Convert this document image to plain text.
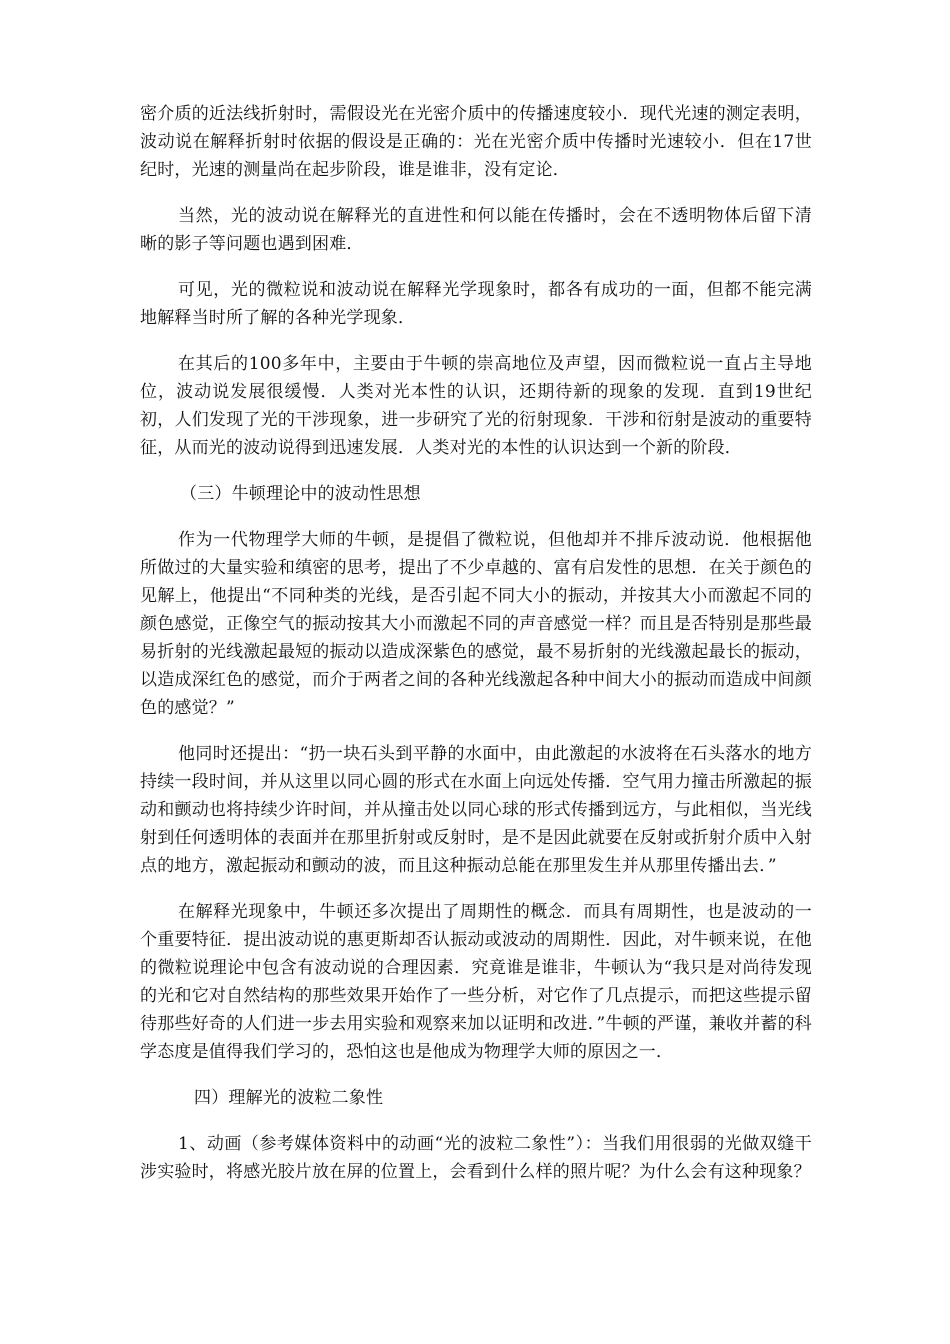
密介质的近法线折射时，需假设光在光密介质中的传播速度较小．现代光速的测定表明，波动说在解释折射时依据的假设是正确的：光在光密介质中传播时光速较小．但在17世纪时，光速的测量尚在起步阶段，谁是谁非，没有定论．

当然，光的波动说在解释光的直进性和何以能在传播时，会在不透明物体后留下清晰的影子等问题也遇到困难．

可见，光的微粒说和波动说在解释光学现象时，都各有成功的一面，但都不能完满地解释当时所了解的各种光学现象．

在其后的100多年中，主要由于牛顿的崇高地位及声望，因而微粒说一直占主导地位，波动说发展很缓慢．人类对光本性的认识，还期待新的现象的发现．直到19世纪初，人们发现了光的干涉现象，进一步研究了光的衍射现象．干涉和衍射是波动的重要特征，从而光的波动说得到迅速发展．人类对光的本性的认识达到一个新的阶段．

（三）牛顿理论中的波动性思想

作为一代物理学大师的牛顿，是提倡了微粒说，但他却并不排斥波动说．他根据他所做过的大量实验和缜密的思考，提出了不少卓越的、富有启发性的思想．在关于颜色的见解上，他提出“不同种类的光线，是否引起不同大小的振动，并按其大小而激起不同的颜色感觉，正像空气的振动按其大小而激起不同的声音感觉一样？而且是否特别是那些最易折射的光线激起最短的振动以造成深紫色的感觉，最不易折射的光线激起最长的振动，以造成深红色的感觉，而介于两者之间的各种光线激起各种中间大小的振动而造成中间颜色的感觉？”

他同时还提出：“扔一块石头到平静的水面中，由此激起的水波将在石头落水的地方持续一段时间，并从这里以同心圆的形式在水面上向远处传播．空气用力撞击所激起的振动和颤动也将持续少许时间，并从撞击处以同心球的形式传播到远方，与此相似，当光线射到任何透明体的表面并在那里折射或反射时，是不是因此就要在反射或折射介质中入射点的地方，激起振动和颤动的波，而且这种振动总能在那里发生并从那里传播出去．”

在解释光现象中，牛顿还多次提出了周期性的概念．而具有周期性，也是波动的一个重要特征．提出波动说的惠更斯却否认振动或波动的周期性．因此，对牛顿来说，在他的微粒说理论中包含有波动说的合理因素．究竟谁是谁非，牛顿认为“我只是对尚待发现的光和它对自然结构的那些效果开始作了一些分析，对它作了几点提示，而把这些提示留待那些好奇的人们进一步去用实验和观察来加以证明和改进．”牛顿的严谨，兼收并蓄的科学态度是值得我们学习的，恐怕这也是他成为物理学大师的原因之一．

四）理解光的波粒二象性

1、动画（参考媒体资料中的动画“光的波粒二象性”）：当我们用很弱的光做双缝干涉实验时，将感光胶片放在屏的位置上，会看到什么样的照片呢？为什么会有这种现象？
